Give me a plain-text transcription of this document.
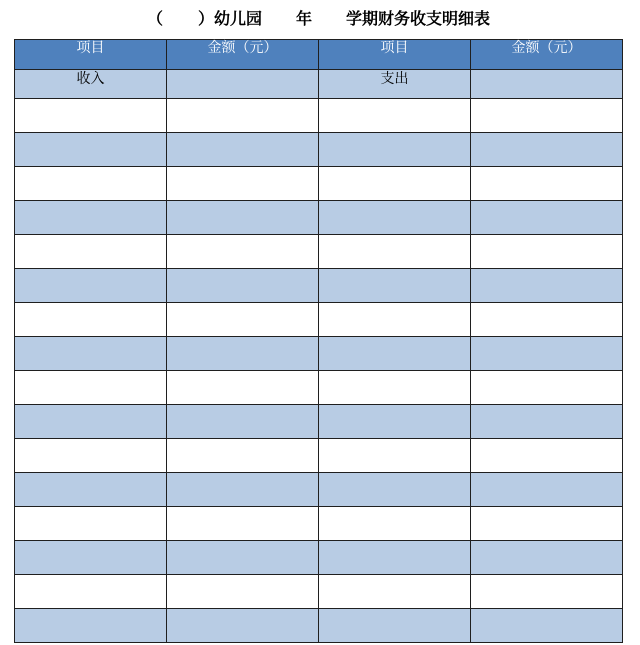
（

）幼儿园

年

学期财务收支明细表

项目	金额（元）	项目	金额（元）
收入		支出	
